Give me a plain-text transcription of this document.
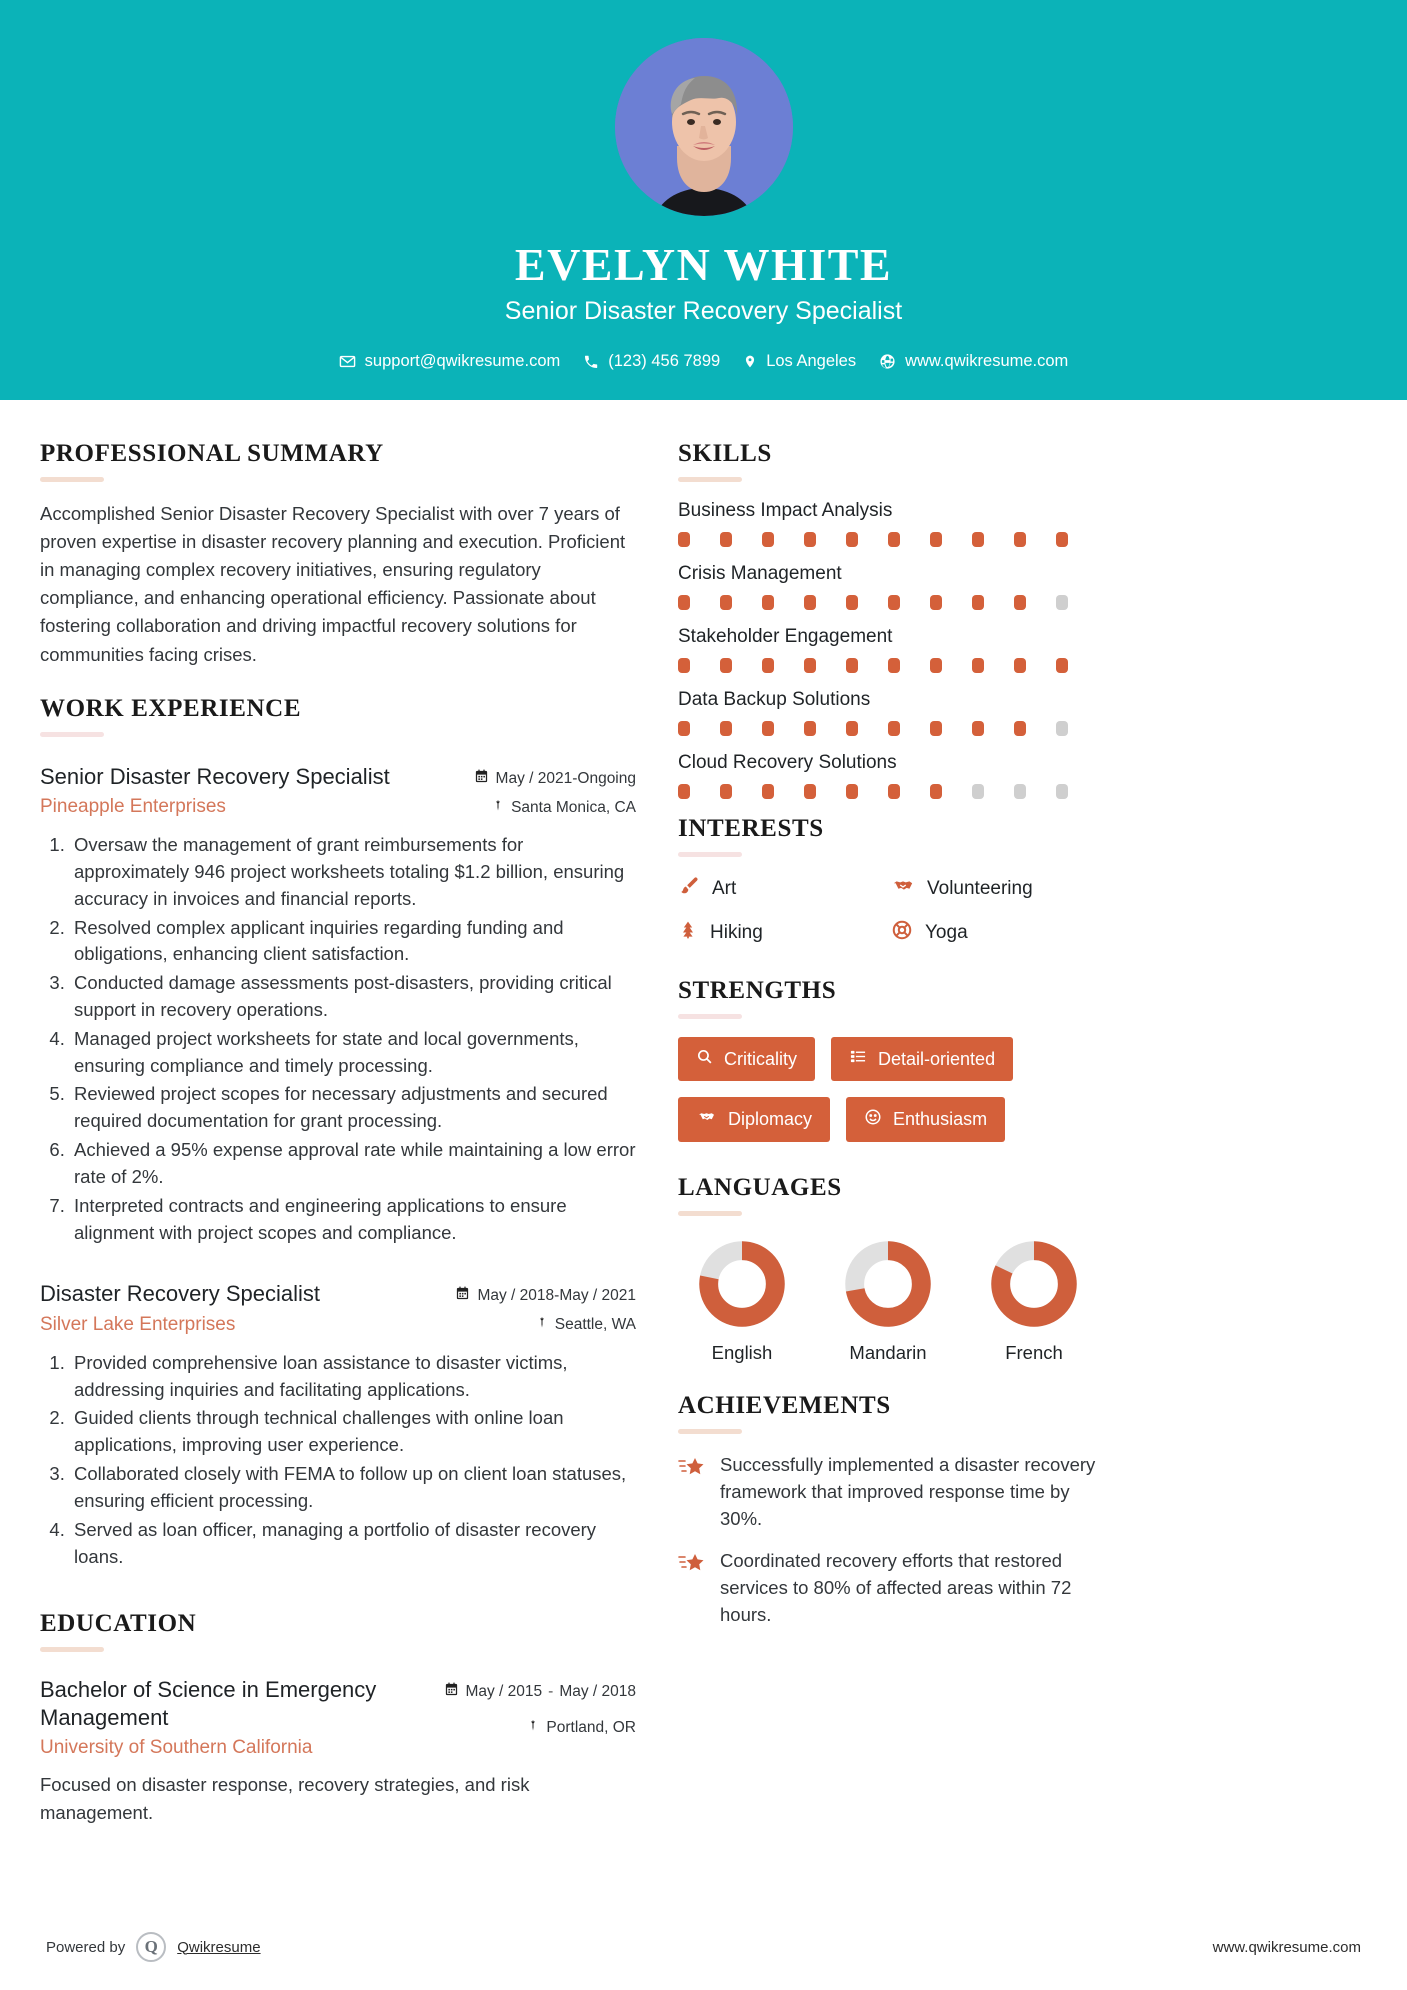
EVELYN WHITE
Senior Disaster Recovery Specialist
support@qwikresume.com	(123) 456 7899	Los Angeles	www.qwikresume.com
PROFESSIONAL SUMMARY
Accomplished Senior Disaster Recovery Specialist with over 7 years of proven expertise in disaster recovery planning and execution. Proficient in managing complex recovery initiatives, ensuring regulatory compliance, and enhancing operational efficiency. Passionate about fostering collaboration and driving impactful recovery solutions for communities facing crises.
WORK EXPERIENCE
Senior Disaster Recovery Specialist
Pineapple Enterprises
May / 2021-Ongoing
Santa Monica, CA
1. Oversaw the management of grant reimbursements for approximately 946 project worksheets totaling $1.2 billion, ensuring accuracy in invoices and financial reports.
2. Resolved complex applicant inquiries regarding funding and obligations, enhancing client satisfaction.
3. Conducted damage assessments post-disasters, providing critical support in recovery operations.
4. Managed project worksheets for state and local governments, ensuring compliance and timely processing.
5. Reviewed project scopes for necessary adjustments and secured required documentation for grant processing.
6. Achieved a 95% expense approval rate while maintaining a low error rate of 2%.
7. Interpreted contracts and engineering applications to ensure alignment with project scopes and compliance.
Disaster Recovery Specialist
Silver Lake Enterprises
May / 2018-May / 2021
Seattle, WA
1. Provided comprehensive loan assistance to disaster victims, addressing inquiries and facilitating applications.
2. Guided clients through technical challenges with online loan applications, improving user experience.
3. Collaborated closely with FEMA to follow up on client loan statuses, ensuring efficient processing.
4. Served as loan officer, managing a portfolio of disaster recovery loans.
EDUCATION
Bachelor of Science in Emergency Management
University of Southern California
May / 2015 - May / 2018
Portland, OR
Focused on disaster response, recovery strategies, and risk management.
SKILLS
Business Impact Analysis
Crisis Management
Stakeholder Engagement
Data Backup Solutions
Cloud Recovery Solutions
INTERESTS
Art	Volunteering
Hiking	Yoga
STRENGTHS
Criticality	Detail-oriented
Diplomacy	Enthusiasm
LANGUAGES
English	Mandarin	French
ACHIEVEMENTS
Successfully implemented a disaster recovery framework that improved response time by 30%.
Coordinated recovery efforts that restored services to 80% of affected areas within 72 hours.
Powered by	Q	Qwikresume	www.qwikresume.com
